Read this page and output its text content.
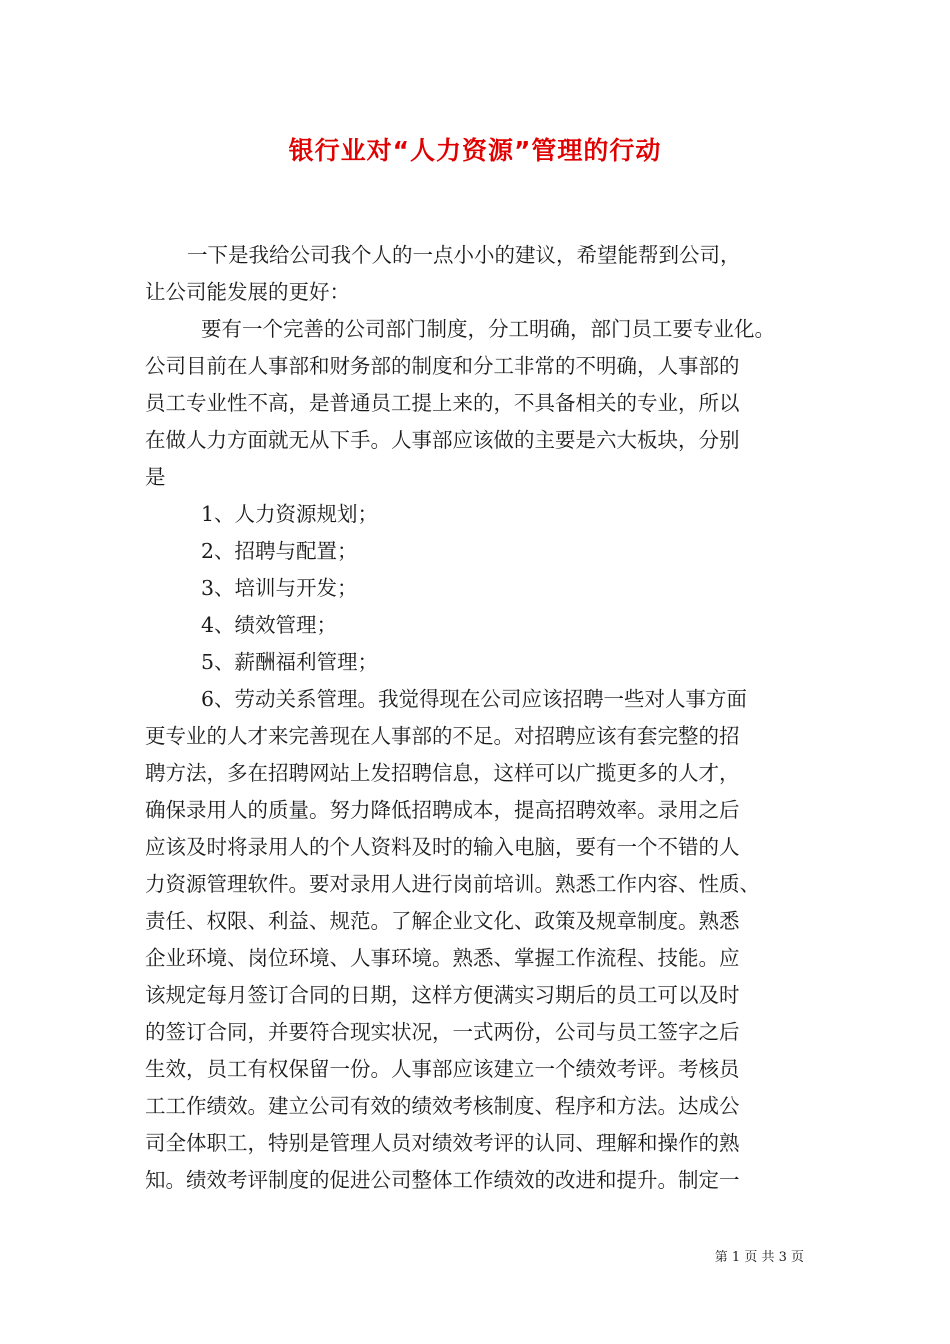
银行业对“人力资源”管理的行动
一下是我给公司我个人的一点小小的建议，希望能帮到公司，
让公司能发展的更好：
要有一个完善的公司部门制度，分工明确，部门员工要专业化。
公司目前在人事部和财务部的制度和分工非常的不明确，人事部的
员工专业性不高，是普通员工提上来的，不具备相关的专业，所以
在做人力方面就无从下手。人事部应该做的主要是六大板块，分别
是
1、人力资源规划；
2、招聘与配置；
3、培训与开发；
4、绩效管理；
5、薪酬福利管理；
6、劳动关系管理。我觉得现在公司应该招聘一些对人事方面
更专业的人才来完善现在人事部的不足。对招聘应该有套完整的招
聘方法，多在招聘网站上发招聘信息，这样可以广揽更多的人才，
确保录用人的质量。努力降低招聘成本，提高招聘效率。录用之后
应该及时将录用人的个人资料及时的输入电脑，要有一个不错的人
力资源管理软件。要对录用人进行岗前培训。熟悉工作内容、性质、
责任、权限、利益、规范。了解企业文化、政策及规章制度。熟悉
企业环境、岗位环境、人事环境。熟悉、掌握工作流程、技能。应
该规定每月签订合同的日期，这样方便满实习期后的员工可以及时
的签订合同，并要符合现实状况，一式两份，公司与员工签字之后
生效，员工有权保留一份。人事部应该建立一个绩效考评。考核员
工工作绩效。建立公司有效的绩效考核制度、程序和方法。达成公
司全体职工，特别是管理人员对绩效考评的认同、理解和操作的熟
知。绩效考评制度的促进公司整体工作绩效的改进和提升。制定一
第 1 页 共 3 页
